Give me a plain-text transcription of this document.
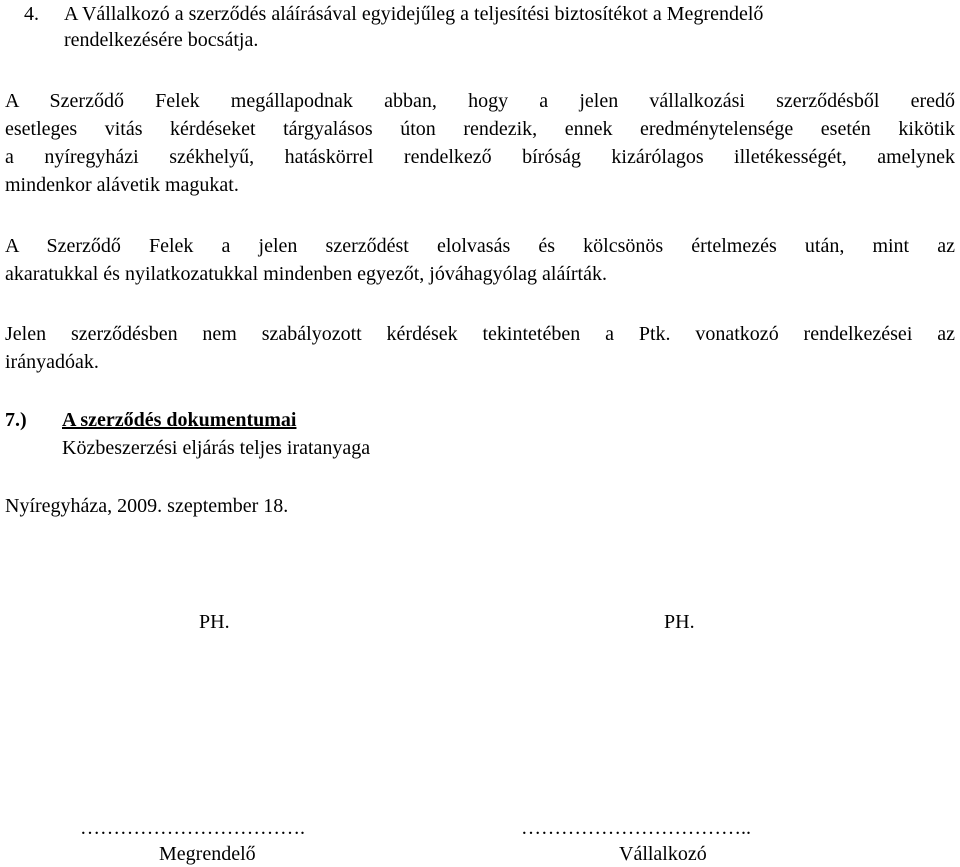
4. A Vállalkozó a szerződés aláírásával egyidejűleg a teljesítési biztosítékot a Megrendelő
rendelkezésére bocsátja.
A Szerződő Felek megállapodnak abban, hogy a jelen vállalkozási szerződésből eredő
esetleges vitás kérdéseket tárgyalásos úton rendezik, ennek eredménytelensége esetén kikötik
a nyíregyházi székhelyű, hatáskörrel rendelkező bíróság kizárólagos illetékességét, amelynek
mindenkor alávetik magukat.
A Szerződő Felek a jelen szerződést elolvasás és kölcsönös értelmezés után, mint az
akaratukkal és nyilatkozatukkal mindenben egyezőt, jóváhagyólag aláírták.
Jelen szerződésben nem szabályozott kérdések tekintetében a Ptk. vonatkozó rendelkezései az
irányadóak.
7.) A szerződés dokumentumai
Közbeszerzési eljárás teljes iratanyaga
Nyíregyháza, 2009. szeptember 18.
PH.	PH.
…………………………….	……………………………..
Megrendelő	Vállalkozó
